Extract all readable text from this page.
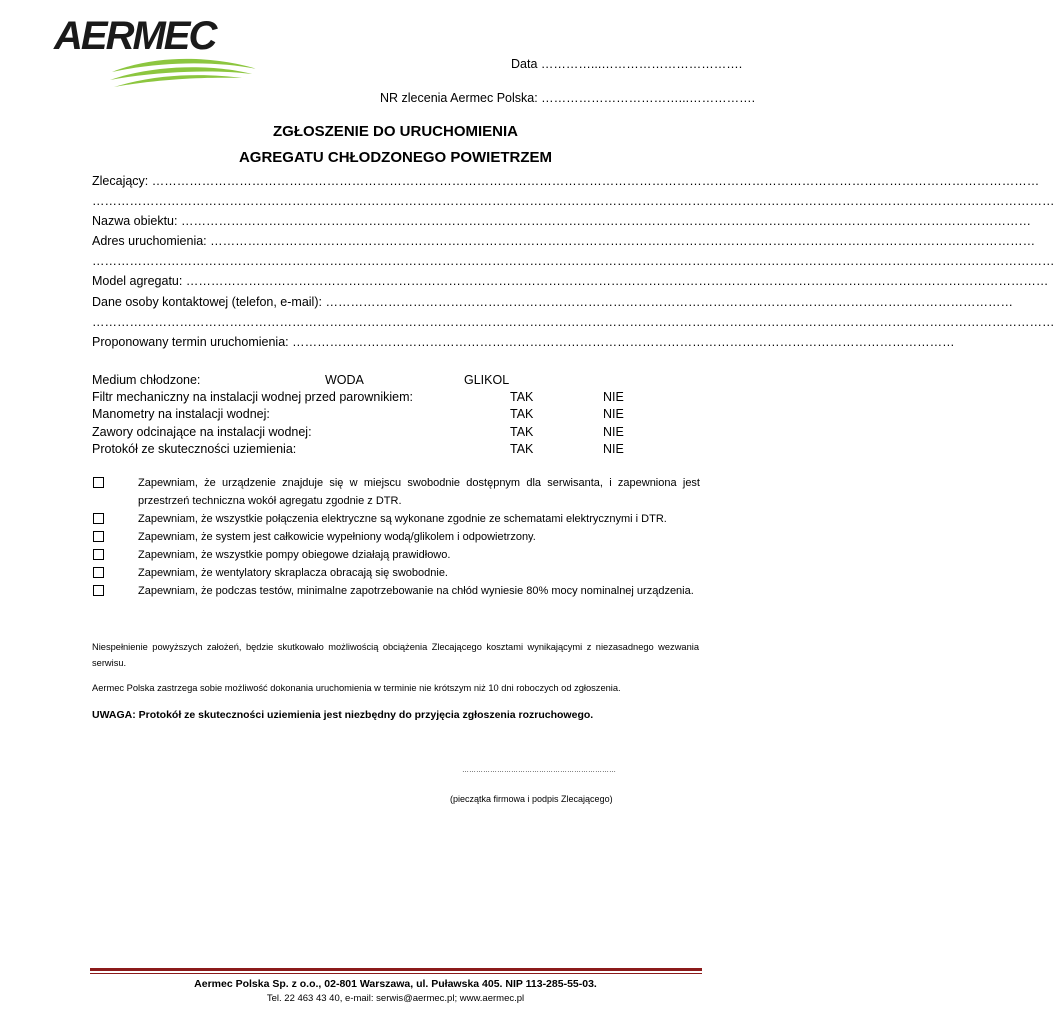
AERMEC
Data …………...…………………………….
NR zlecenia Aermec Polska: ……………………………...…………….
ZGŁOSZENIE DO URUCHOMIENIA
AGREGATU CHŁODZONEGO POWIETRZEM
Zlecający: ……………………………………………………………………………………………………………………………………………………………………………………………
……………………………………………………………………………………………………………………………………………………………………………………………………………
Nazwa obiektu: ……………………………………………………………………………………………………………………………………………………………………………………
Adres uruchomienia: ………………………………………………………………………………………………………………………………………………………………………………
……………………………………………………………………………………………………………………………………………………………………………………………………………
Model agregatu: ………………………………………………………………………………………………………………………………………………………………………………………
Dane osoby kontaktowej (telefon, e-mail): …………………………………………………………………………………………………………………………………………………
……………………………………………………………………………………………………………………………………………………………………………………………………………
Proponowany termin uruchomienia: ……………………………………………………………………………………………………………………………………………
Medium chłodzone:	WODA	GLIKOL
Filtr mechaniczny na instalacji wodnej przed parownikiem:	TAK	NIE
Manometry na instalacji wodnej:	TAK	NIE
Zawory odcinające na instalacji wodnej:	TAK	NIE
Protokół ze skuteczności uziemienia:	TAK	NIE
Zapewniam, że urządzenie znajduje się w miejscu swobodnie dostępnym dla serwisanta, i zapewniona jest przestrzeń techniczna wokół agregatu zgodnie z DTR.
Zapewniam, że wszystkie połączenia elektryczne są wykonane zgodnie ze schematami elektrycznymi i DTR.
Zapewniam, że system jest całkowicie wypełniony wodą/glikolem i odpowietrzony.
Zapewniam, że wszystkie pompy obiegowe działają prawidłowo.
Zapewniam, że wentylatory skraplacza obracają się swobodnie.
Zapewniam, że podczas testów, minimalne zapotrzebowanie na chłód wyniesie 80% mocy nominalnej urządzenia.
Niespełnienie powyższych założeń, będzie skutkowało możliwością obciążenia Zlecającego kosztami wynikającymi z niezasadnego wezwania serwisu.
Aermec Polska zastrzega sobie możliwość dokonania uruchomienia w terminie nie krótszym niż 10 dni roboczych od zgłoszenia.
UWAGA: Protokół ze skuteczności uziemienia jest niezbędny do przyjęcia zgłoszenia rozruchowego.
…………………………………………………………
(pieczątka firmowa i podpis Zlecającego)
Aermec Polska Sp. z o.o., 02-801 Warszawa, ul. Puławska 405. NIP 113-285-55-03.
Tel. 22 463 43 40, e-mail: serwis@aermec.pl; www.aermec.pl
